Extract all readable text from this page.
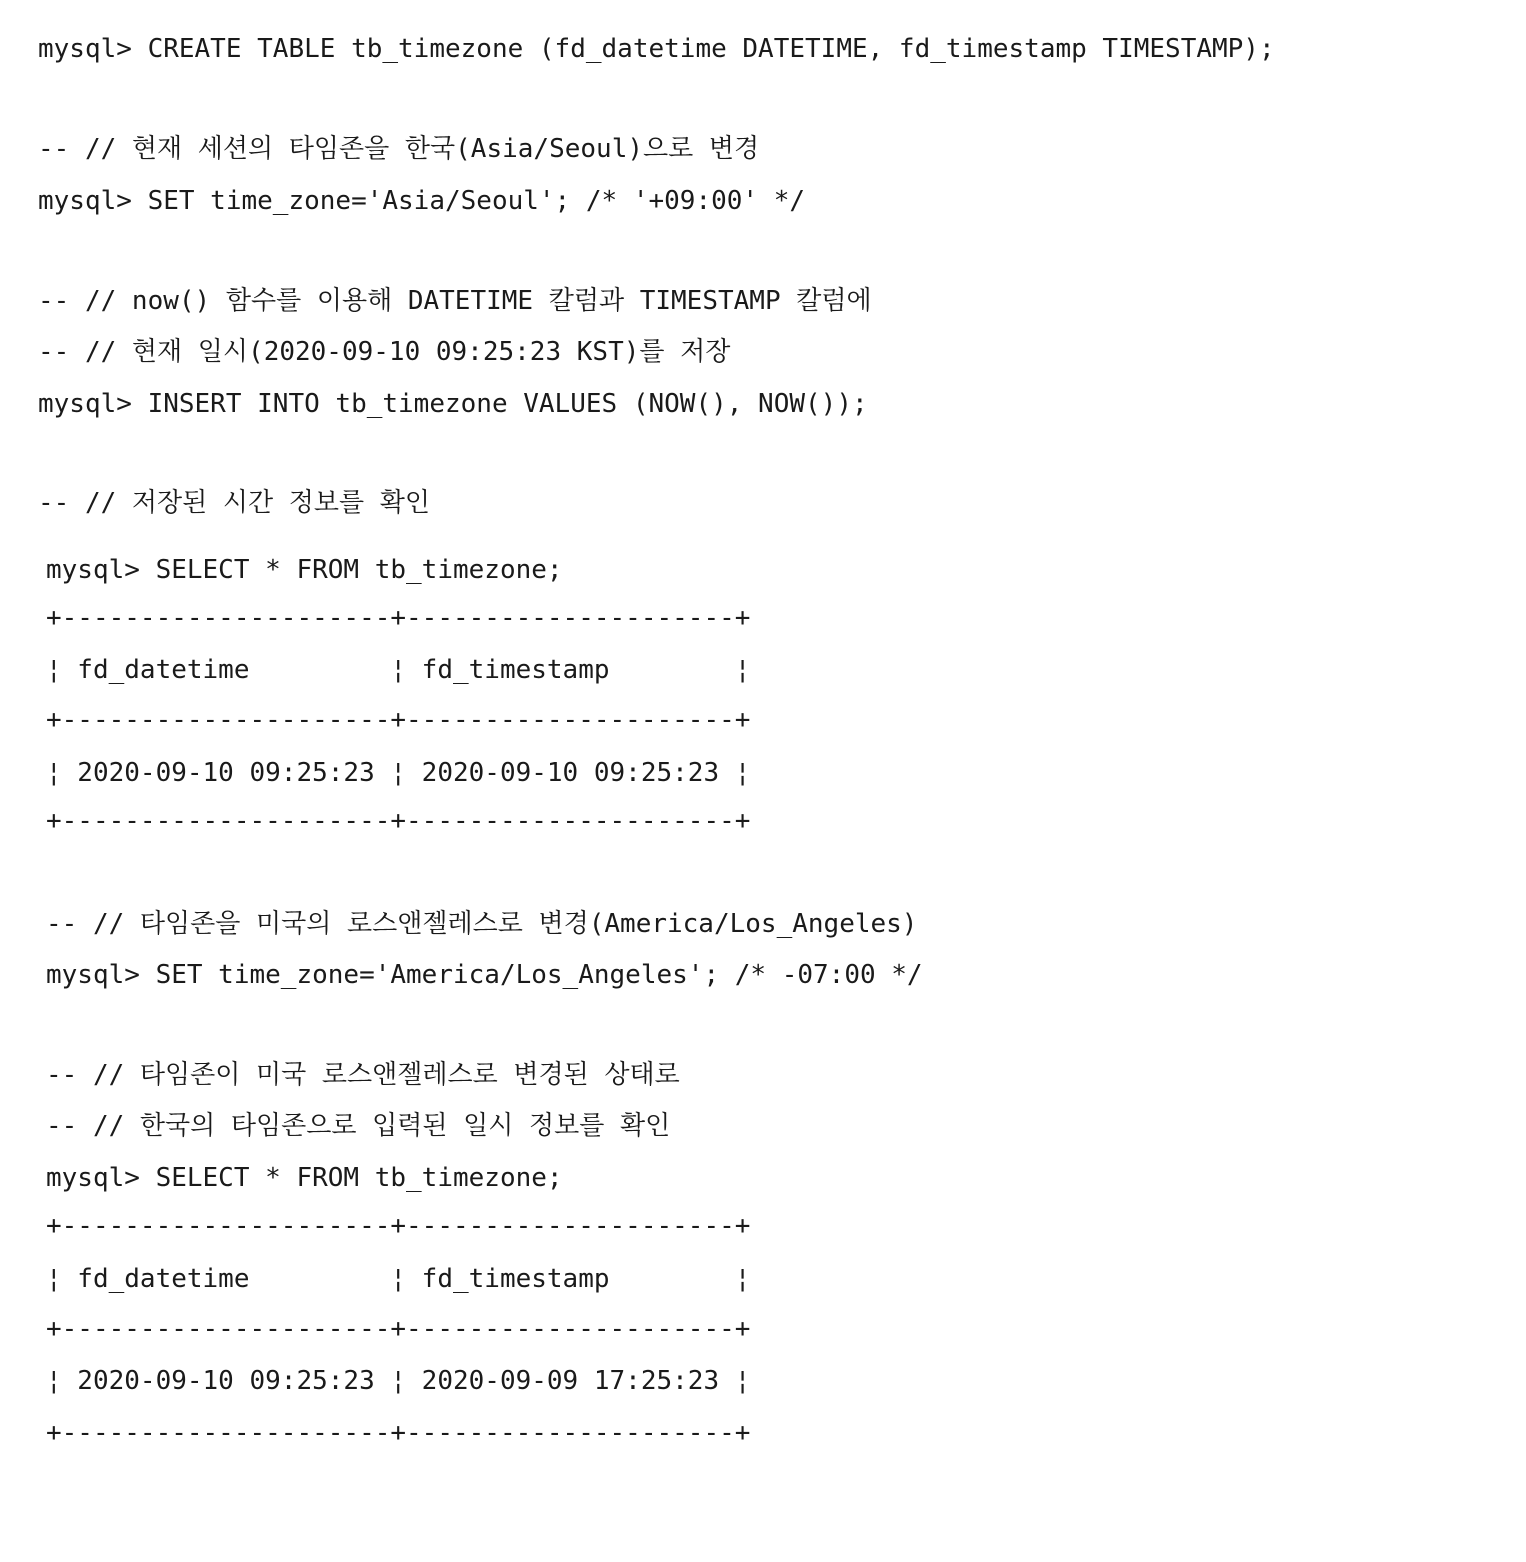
mysql> CREATE TABLE tb_timezone (fd_datetime DATETIME, fd_timestamp TIMESTAMP);
-- // 현재 세션의 타임존을 한국(Asia/Seoul)으로 변경
mysql> SET time_zone='Asia/Seoul'; /* '+09:00' */
-- // now() 함수를 이용해 DATETIME 칼럼과 TIMESTAMP 칼럼에
-- // 현재 일시(2020-09-10 09:25:23 KST)를 저장
mysql> INSERT INTO tb_timezone VALUES (NOW(), NOW());
-- // 저장된 시간 정보를 확인
mysql> SELECT * FROM tb_timezone;
+---------------------+---------------------+
¦ fd_datetime         ¦ fd_timestamp        ¦
+---------------------+---------------------+
¦ 2020-09-10 09:25:23 ¦ 2020-09-10 09:25:23 ¦
+---------------------+---------------------+
-- // 타임존을 미국의 로스앤젤레스로 변경(America/Los_Angeles)
mysql> SET time_zone='America/Los_Angeles'; /* -07:00 */
-- // 타임존이 미국 로스앤젤레스로 변경된 상태로
-- // 한국의 타임존으로 입력된 일시 정보를 확인
mysql> SELECT * FROM tb_timezone;
+---------------------+---------------------+
¦ fd_datetime         ¦ fd_timestamp        ¦
+---------------------+---------------------+
¦ 2020-09-10 09:25:23 ¦ 2020-09-09 17:25:23 ¦
+---------------------+---------------------+
